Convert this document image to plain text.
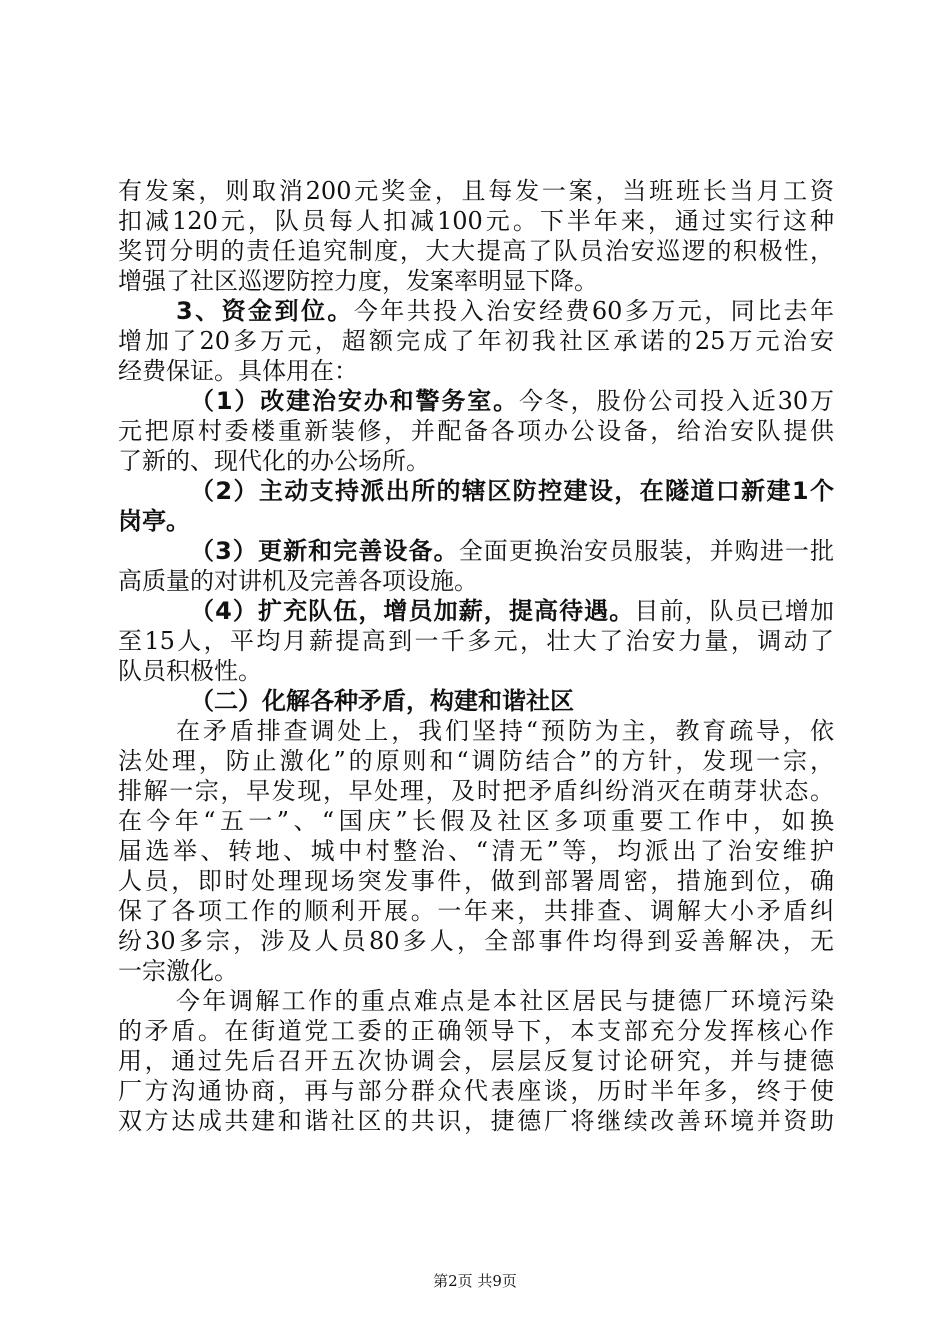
有发案，则取消200元奖金，且每发一案，当班班长当月工资
扣减120元，队员每人扣减100元。下半年来，通过实行这种
奖罚分明的责任追究制度，大大提高了队员治安巡逻的积极性，
增强了社区巡逻防控力度，发案率明显下降。
3、资金到位。今年共投入治安经费60多万元，同比去年
增加了20多万元，超额完成了年初我社区承诺的25万元治安
经费保证。具体用在：
（1）改建治安办和警务室。今冬，股份公司投入近30万
元把原村委楼重新装修，并配备各项办公设备，给治安队提供
了新的、现代化的办公场所。
（2）主动支持派出所的辖区防控建设，在隧道口新建1个
岗亭。
（3）更新和完善设备。全面更换治安员服装，并购进一批
高质量的对讲机及完善各项设施。
（4）扩充队伍，增员加薪，提高待遇。目前，队员已增加
至15人，平均月薪提高到一千多元，壮大了治安力量，调动了
队员积极性。
（二）化解各种矛盾，构建和谐社区
在矛盾排查调处上，我们坚持“预防为主，教育疏导，依
法处理，防止激化”的原则和“调防结合”的方针，发现一宗，
排解一宗，早发现，早处理，及时把矛盾纠纷消灭在萌芽状态。
在今年“五一”、“国庆”长假及社区多项重要工作中，如换
届选举、转地、城中村整治、“清无”等，均派出了治安维护
人员，即时处理现场突发事件，做到部署周密，措施到位，确
保了各项工作的顺利开展。一年来，共排查、调解大小矛盾纠
纷30多宗，涉及人员80多人，全部事件均得到妥善解决，无
一宗激化。
今年调解工作的重点难点是本社区居民与捷德厂环境污染
的矛盾。在街道党工委的正确领导下，本支部充分发挥核心作
用，通过先后召开五次协调会，层层反复讨论研究，并与捷德
厂方沟通协商，再与部分群众代表座谈，历时半年多，终于使
双方达成共建和谐社区的共识，捷德厂将继续改善环境并资助
第2页 共9页
